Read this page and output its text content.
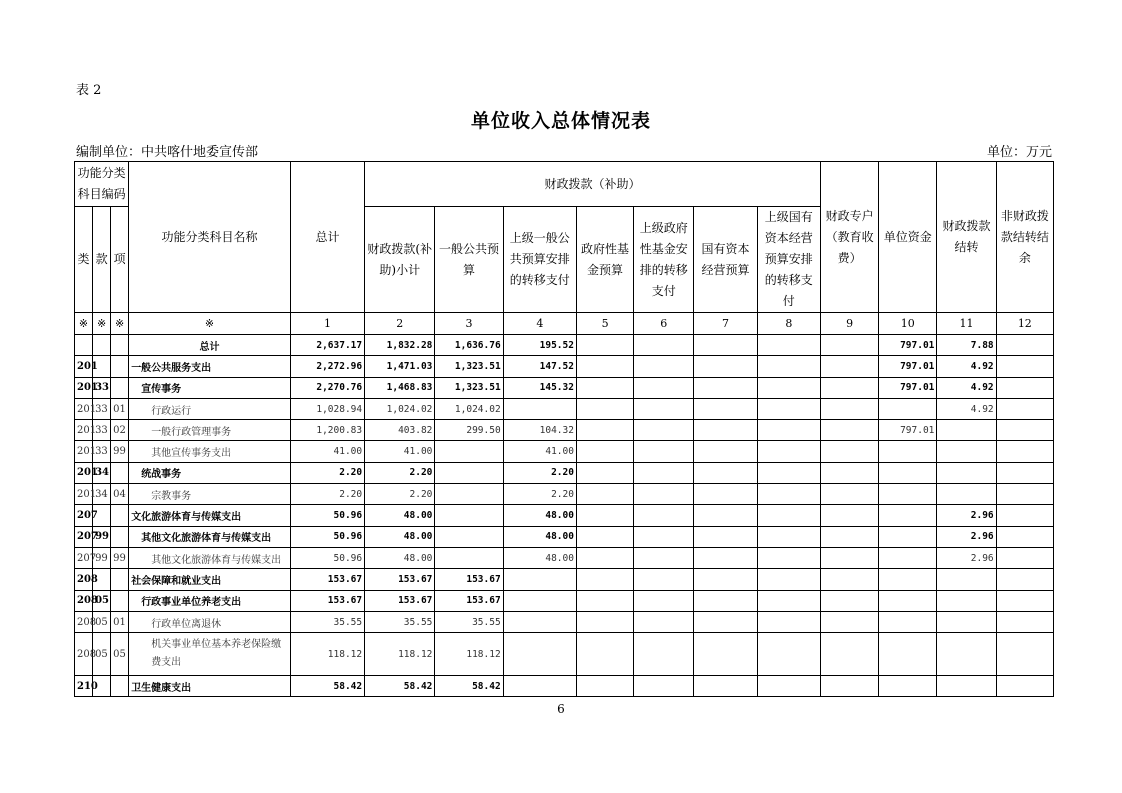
表 2
单位收入总体情况表
编制单位：中共喀什地委宣传部	单位：万元
功能分类科目编码			功能分类科目名称	总计	财政拨款（补助）							财政专户（教育收费）	单位资金	财政拨款结转	非财政拨款结转结余
类	款	项			财政拨款(补助)小计	一般公共预算	上级一般公共预算安排的转移支付	政府性基金预算	上级政府性基金安排的转移支付	国有资本经营预算	上级国有资本经营预算安排的转移支付				
※	※	※	※	1	2	3	4	5	6	7	8	9	10	11	12
			总计	2,637.17	1,832.28	1,636.76	195.52						797.01	7.88	
201			一般公共服务支出	2,272.96	1,471.03	1,323.51	147.52						797.01	4.92	
201	33		宣传事务	2,270.76	1,468.83	1,323.51	145.32						797.01	4.92	
201	33	01	行政运行	1,028.94	1,024.02	1,024.02								4.92	
201	33	02	一般行政管理事务	1,200.83	403.82	299.50	104.32						797.01		
201	33	99	其他宣传事务支出	41.00	41.00		41.00								
201	34		统战事务	2.20	2.20		2.20								
201	34	04	宗教事务	2.20	2.20		2.20								
207			文化旅游体育与传媒支出	50.96	48.00		48.00							2.96	
207	99		其他文化旅游体育与传媒支出	50.96	48.00		48.00							2.96	
207	99	99	其他文化旅游体育与传媒支出	50.96	48.00		48.00							2.96	
208			社会保障和就业支出	153.67	153.67	153.67									
208	05		行政事业单位养老支出	153.67	153.67	153.67									
208	05	01	行政单位离退休	35.55	35.55	35.55									
208	05	05	机关事业单位基本养老保险缴费支出	118.12	118.12	118.12									
210			卫生健康支出	58.42	58.42	58.42									
6
